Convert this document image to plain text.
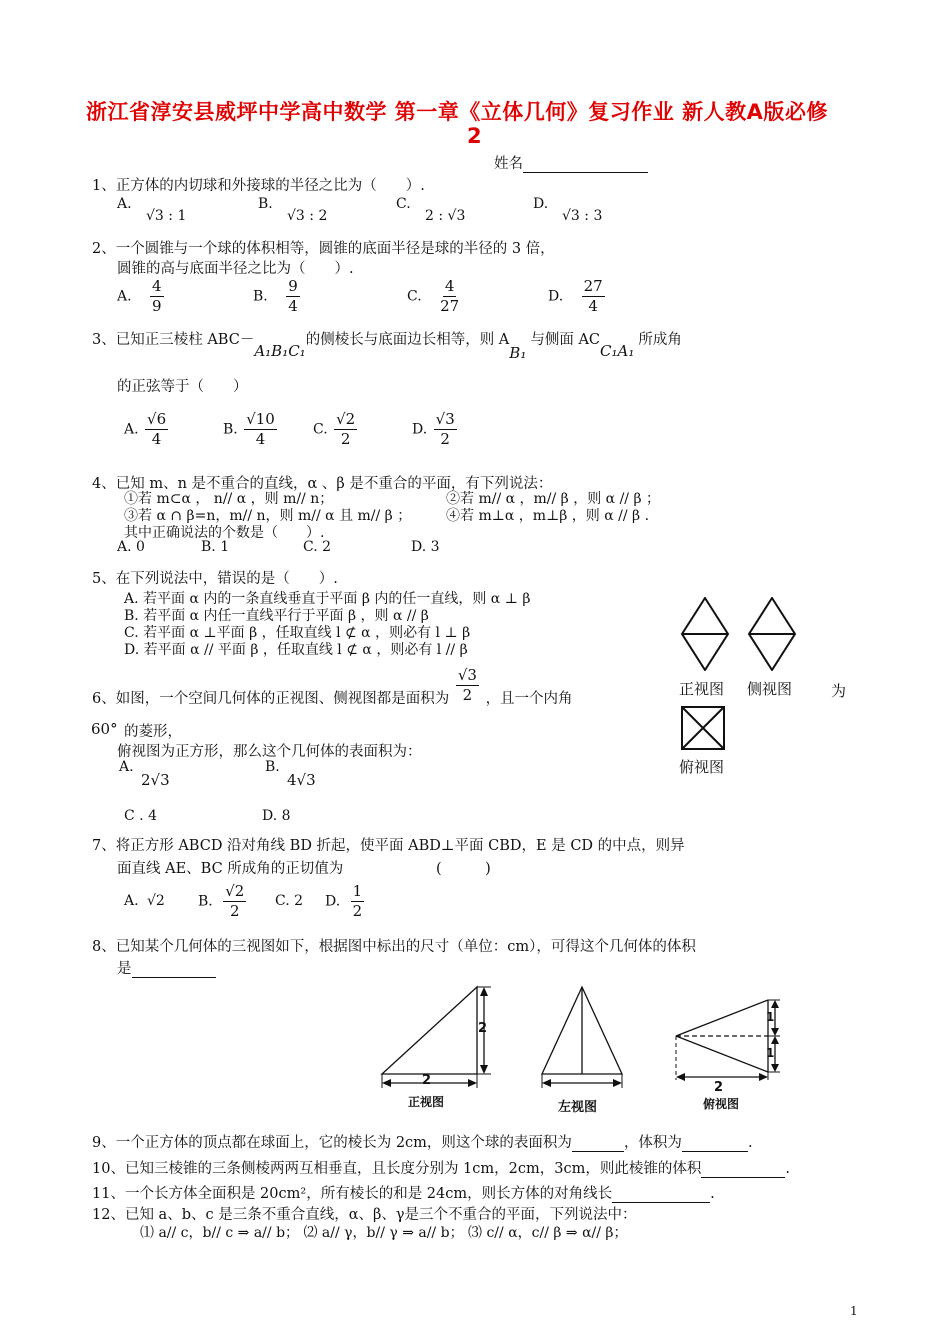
浙江省淳安县威坪中学高中数学 第一章《立体几何》复习作业 新人教A版必修
2
姓名
1、正方体的内切球和外接球的半径之比为（　　）.
A.
√3 : 1
B.
√3 : 2
C.
2 : √3
D.
√3 : 3
2、一个圆锥与一个球的体积相等，圆锥的底面半径是球的半径的 3 倍，
圆锥的高与底面半径之比为（　　）.
A. $\frac{4}{9}$	B. $\frac{9}{4}$	C. $\frac{4}{27}$	D. $\frac{27}{4}$
3、已知正三棱柱 ABC－A₁B₁C₁的侧棱长与底面边长相等，则 AB₁与侧面 ACC₁A₁所成角
的正弦等于（　　）
A. $\frac{√6}{4}$	B. $\frac{√10}{4}$	C. $\frac{√2}{2}$	D. $\frac{√3}{2}$
4、已知 m、n 是不重合的直线，α 、β 是不重合的平面，有下列说法：
①若 m⊂α ， n// α ，则 m// n；	②若 m// α ，m// β ，则 α // β ；
③若 α ∩ β=n，m// n，则 m// α 且 m// β ； ④若 m⊥α ，m⊥β ，则 α // β .
其中正确说法的个数是（　　）.
A. 0	B. 1	C. 2	D. 3
5、在下列说法中，错误的是（　　）.
A. 若平面 α 内的一条直线垂直于平面 β 内的任一直线，则 α ⊥ β
B. 若平面 α 内任一直线平行于平面 β ，则 α // β
C. 若平面 α ⊥平面 β ，任取直线 l ⊄ α ，则必有 l ⊥ β
D. 若平面 α // 平面 β ，任取直线 l ⊄ α ，则必有 l // β
正视图 侧视图	为
俯视图
6、如图，一个空间几何体的正视图、侧视图都是面积为 $\frac{√3}{2}$ ，且一个内角
60° 的菱形，
俯视图为正方形，那么这个几何体的表面积为：
A.
2√3
B.
4√3
C . 4	D. 8
7、将正方形 ABCD 沿对角线 BD 折起，使平面 ABD⊥平面 CBD，E 是 CD 的中点，则异
面直线 AE、BC 所成角的正切值为	(　　　)
A. √2 B. $\frac{√2}{2} C$. 2 D. $\frac{1}{2}$
8、已知某个几何体的三视图如下，根据图中标出的尺寸（单位：cm），可得这个几何体的体积
是
2
2
正视图	左视图
1
1
2
俯视图
9、一个正方体的顶点都在球面上，它的棱长为 2cm，则这个球的表面积为	，体积为	.
10、已知三棱锥的三条侧棱两两互相垂直，且长度分别为 1cm，2cm，3cm，则此棱锥的体积	.
11、一个长方体全面积是 20cm²，所有棱长的和是 24cm，则长方体的对角线长	.
12、已知 a、b、c 是三条不重合直线，α、β、γ是三个不重合的平面，下列说法中：
⑴ a// c，b// c ⇒ a// b； ⑵ a// γ，b// γ ⇒ a// b； ⑶ c// α，c// β ⇒ α// β；
1
